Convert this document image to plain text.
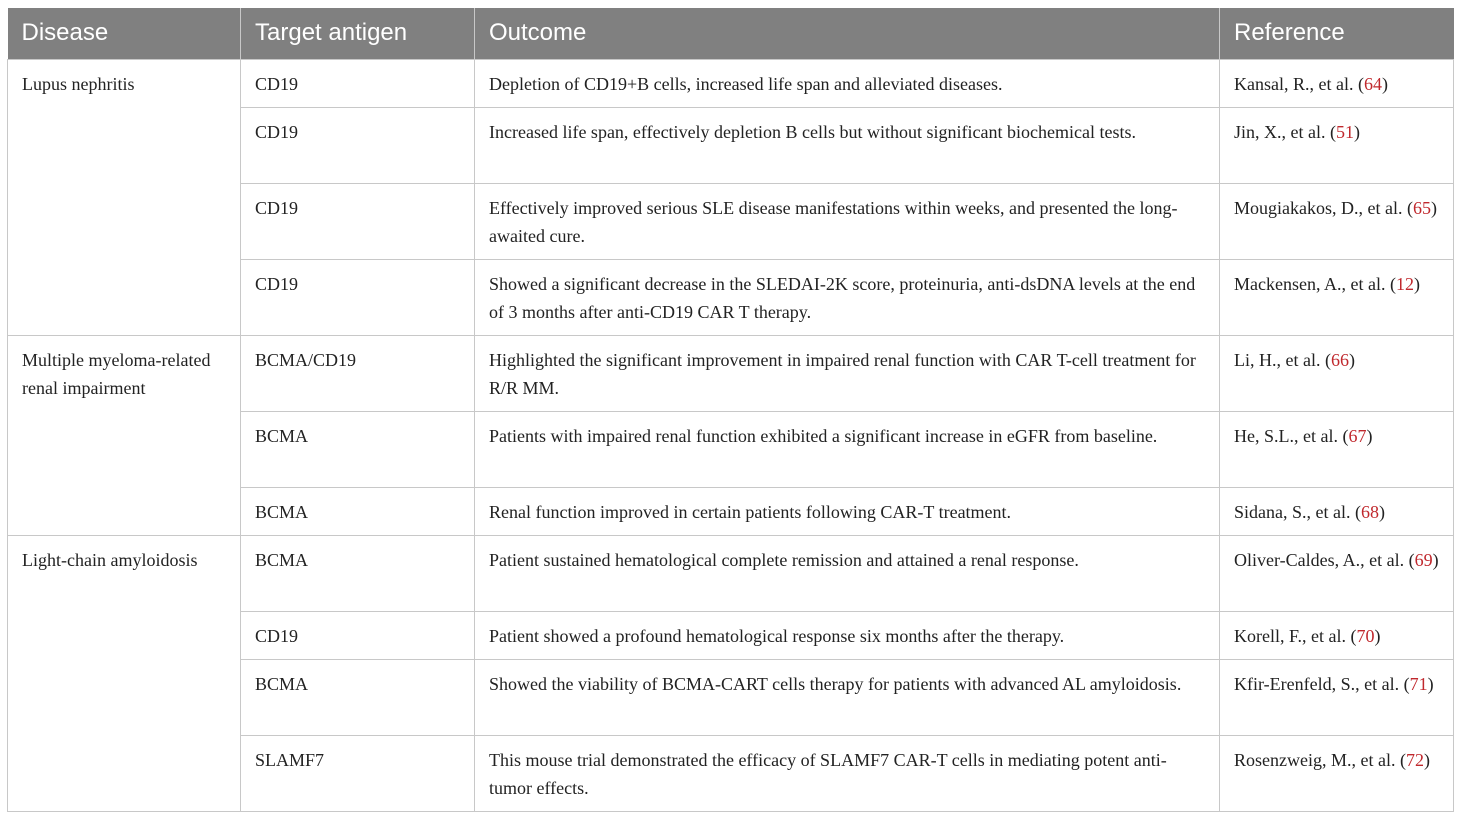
Disease	Target antigen	Outcome	Reference
Lupus nephritis	CD19	Depletion of CD19+B cells, increased life span and alleviated diseases.	Kansal, R., et al. (64)
	CD19	Increased life span, effectively depletion B cells but without significant biochemical tests.	Jin, X., et al. (51)
	CD19	Effectively improved serious SLE disease manifestations within weeks, and presented the long-awaited cure.	Mougiakakos, D., et al. (65)
	CD19	Showed a significant decrease in the SLEDAI-2K score, proteinuria, anti-dsDNA levels at the end of 3 months after anti-CD19 CAR T therapy.	Mackensen, A., et al. (12)
Multiple myeloma-related renal impairment	BCMA/CD19	Highlighted the significant improvement in impaired renal function with CAR T-cell treatment for R/R MM.	Li, H., et al. (66)
	BCMA	Patients with impaired renal function exhibited a significant increase in eGFR from baseline.	He, S.L., et al. (67)
	BCMA	Renal function improved in certain patients following CAR-T treatment.	Sidana, S., et al. (68)
Light-chain amyloidosis	BCMA	Patient sustained hematological complete remission and attained a renal response.	Oliver-Caldes, A., et al. (69)
	CD19	Patient showed a profound hematological response six months after the therapy.	Korell, F., et al. (70)
	BCMA	Showed the viability of BCMA-CART cells therapy for patients with advanced AL amyloidosis.	Kfir-Erenfeld, S., et al. (71)
	SLAMF7	This mouse trial demonstrated the efficacy of SLAMF7 CAR-T cells in mediating potent anti-tumor effects.	Rosenzweig, M., et al. (72)
